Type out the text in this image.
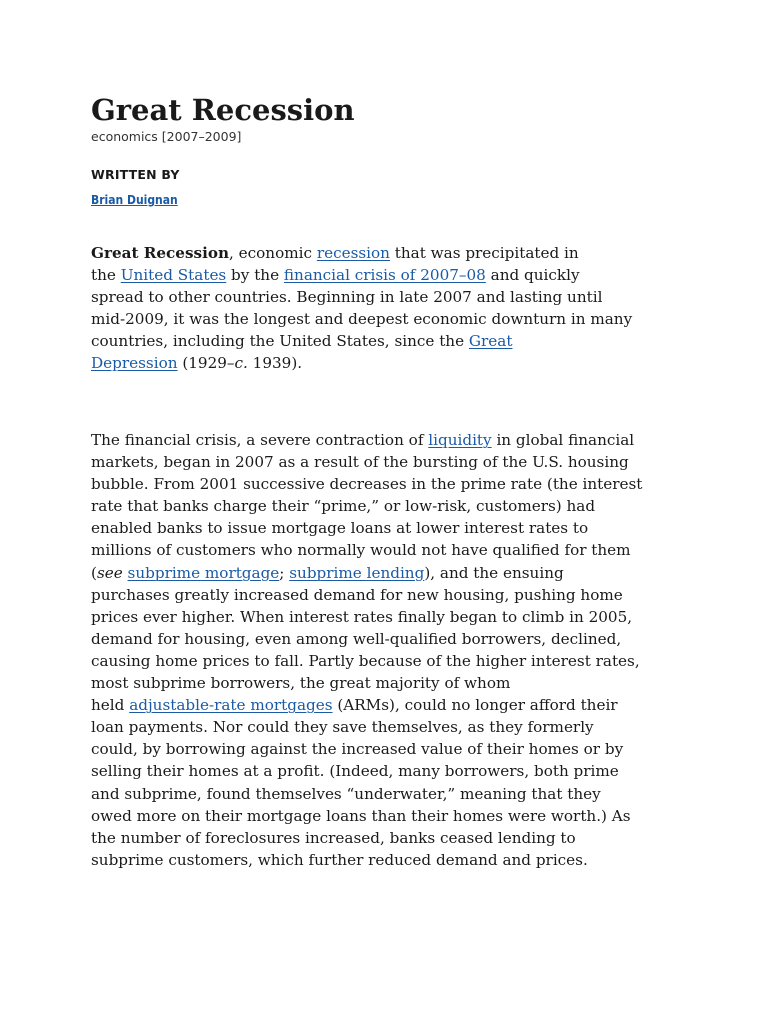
Great Recession
economics [2007–2009]
WRITTEN BY
Brian Duignan
Great Recession, economic recession that was precipitated in
the United States by the financial crisis of 2007–08 and quickly
spread to other countries. Beginning in late 2007 and lasting until
mid-2009, it was the longest and deepest economic downturn in many
countries, including the United States, since the Great
Depression (1929–c. 1939).
The financial crisis, a severe contraction of liquidity in global financial
markets, began in 2007 as a result of the bursting of the U.S. housing
bubble. From 2001 successive decreases in the prime rate (the interest
rate that banks charge their “prime,” or low-risk, customers) had
enabled banks to issue mortgage loans at lower interest rates to
millions of customers who normally would not have qualified for them
(see subprime mortgage; subprime lending), and the ensuing
purchases greatly increased demand for new housing, pushing home
prices ever higher. When interest rates finally began to climb in 2005,
demand for housing, even among well-qualified borrowers, declined,
causing home prices to fall. Partly because of the higher interest rates,
most subprime borrowers, the great majority of whom
held adjustable-rate mortgages (ARMs), could no longer afford their
loan payments. Nor could they save themselves, as they formerly
could, by borrowing against the increased value of their homes or by
selling their homes at a profit. (Indeed, many borrowers, both prime
and subprime, found themselves “underwater,” meaning that they
owed more on their mortgage loans than their homes were worth.) As
the number of foreclosures increased, banks ceased lending to
subprime customers, which further reduced demand and prices.
